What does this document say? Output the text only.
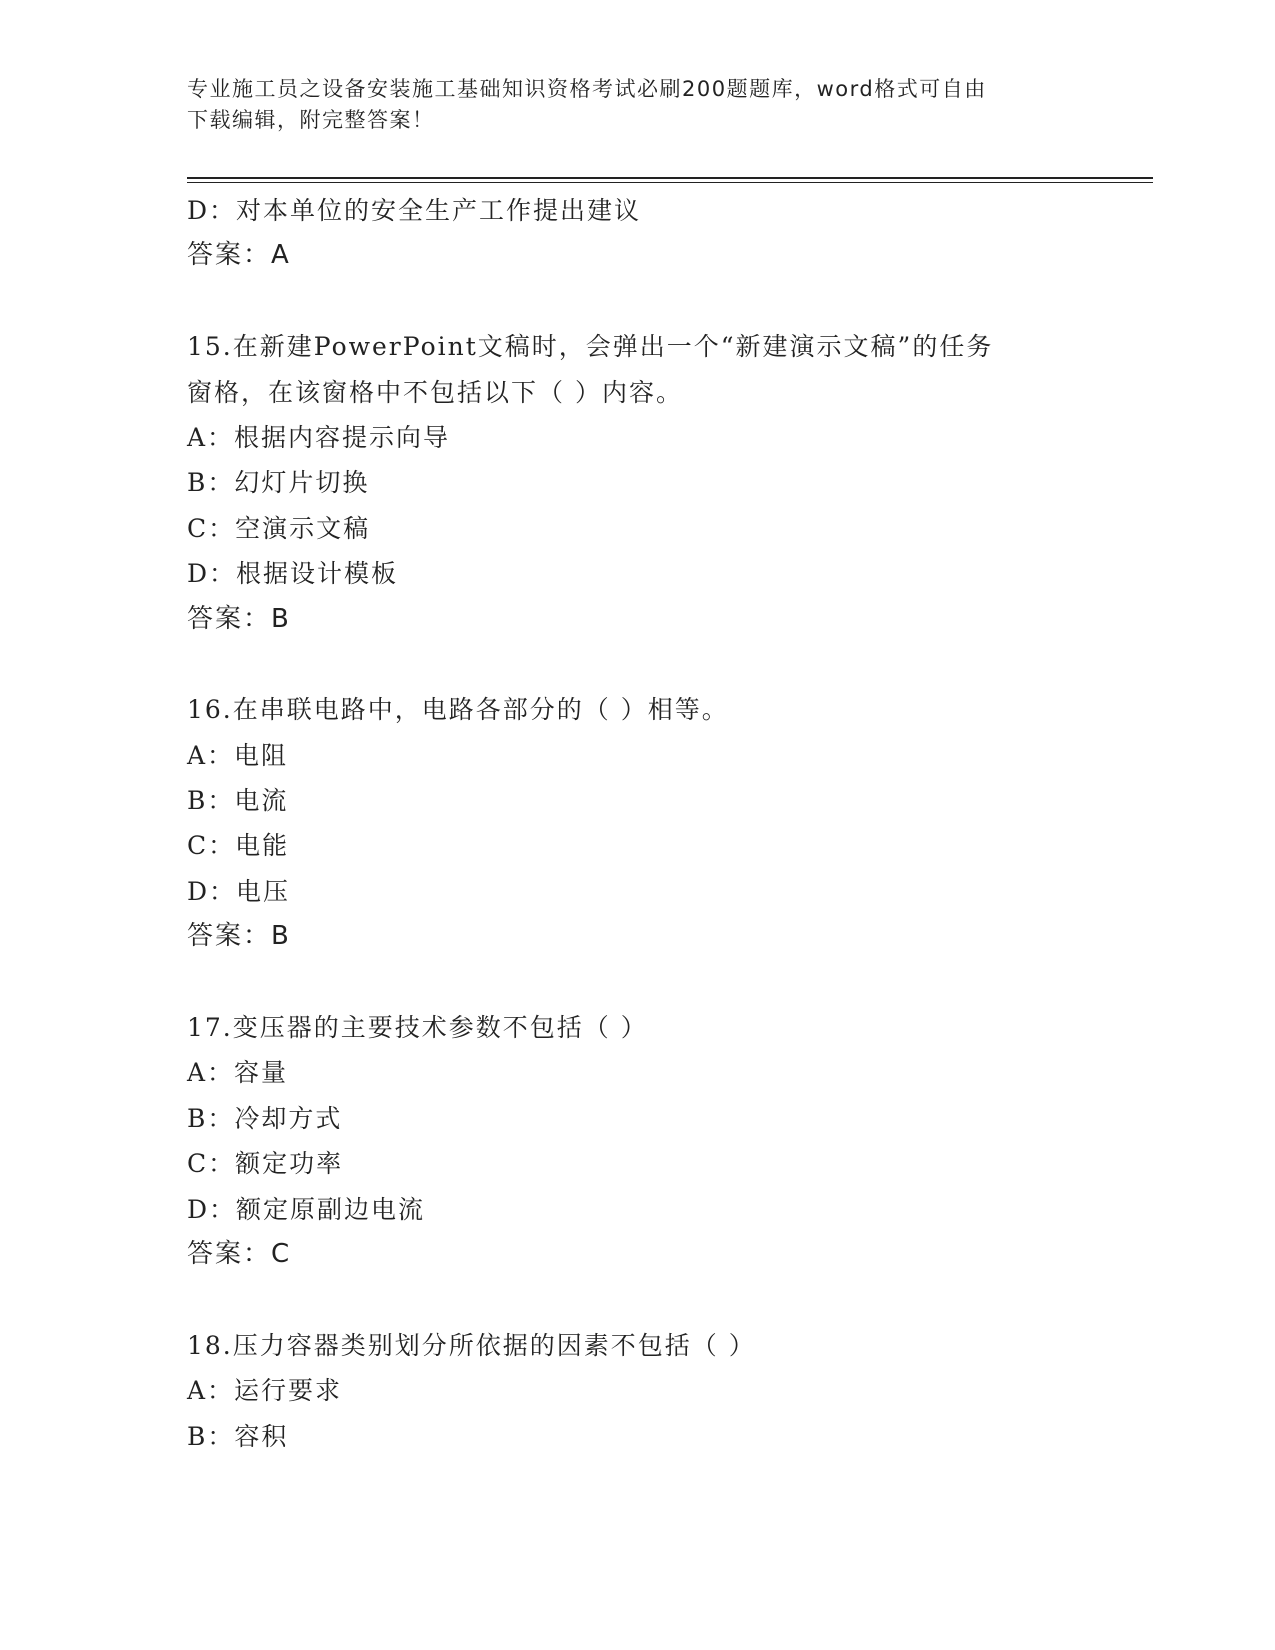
专业施工员之设备安装施工基础知识资格考试必刷200题题库，word格式可自由
下载编辑，附完整答案！
D：对本单位的安全生产工作提出建议
答案：A
15.在新建PowerPoint文稿时，会弹出一个“新建演示文稿”的任务
窗格，在该窗格中不包括以下（ ）内容。
A：根据内容提示向导
B：幻灯片切换
C：空演示文稿
D：根据设计模板
答案：B
16.在串联电路中，电路各部分的（ ）相等。
A：电阻
B：电流
C：电能
D：电压
答案：B
17.变压器的主要技术参数不包括（ ）
A：容量
B：冷却方式
C：额定功率
D：额定原副边电流
答案：C
18.压力容器类别划分所依据的因素不包括（ ）
A：运行要求
B：容积
